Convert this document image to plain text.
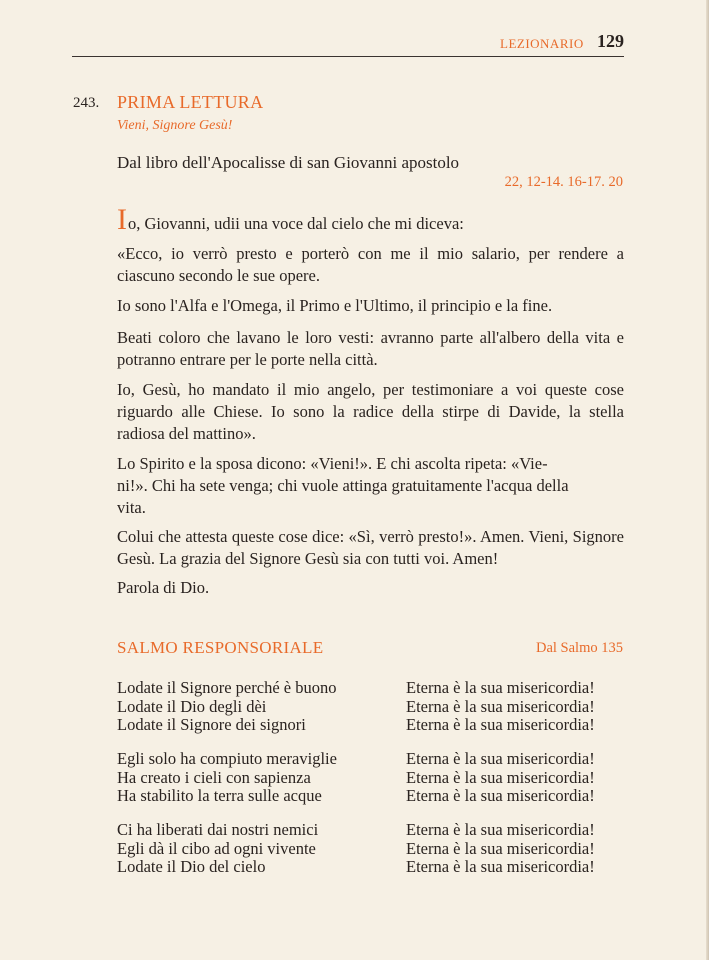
LEZIONARIO 129
243. PRIMA LETTURA
Vieni, Signore Gesù!
Dal libro dell'Apocalisse di san Giovanni apostolo
22, 12-14. 16-17. 20
Io, Giovanni, udii una voce dal cielo che mi diceva:
«Ecco, io verrò presto e porterò con me il mio salario, per rendere a ciascuno secondo le sue opere.
Io sono l'Alfa e l'Omega, il Primo e l'Ultimo, il principio e la fine.
Beati coloro che lavano le loro vesti: avranno parte all'albero della vita e potranno entrare per le porte nella città.
Io, Gesù, ho mandato il mio angelo, per testimoniare a voi queste cose riguardo alle Chiese. Io sono la radice della stirpe di Davide, la stella radiosa del mattino».
Lo Spirito e la sposa dicono: «Vieni!». E chi ascolta ripeta: «Vie-
ni!». Chi ha sete venga; chi vuole attinga gratuitamente l'acqua della
vita.
Colui che attesta queste cose dice: «Sì, verrò presto!». Amen. Vieni, Signore Gesù. La grazia del Signore Gesù sia con tutti voi. Amen!
Parola di Dio.
SALMO RESPONSORIALE	Dal Salmo 135
Lodate il Signore perché è buono	Eterna è la sua misericordia!
Lodate il Dio degli dèi	Eterna è la sua misericordia!
Lodate il Signore dei signori	Eterna è la sua misericordia!
Egli solo ha compiuto meraviglie	Eterna è la sua misericordia!
Ha creato i cieli con sapienza	Eterna è la sua misericordia!
Ha stabilito la terra sulle acque	Eterna è la sua misericordia!
Ci ha liberati dai nostri nemici	Eterna è la sua misericordia!
Egli dà il cibo ad ogni vivente	Eterna è la sua misericordia!
Lodate il Dio del cielo	Eterna è la sua misericordia!
